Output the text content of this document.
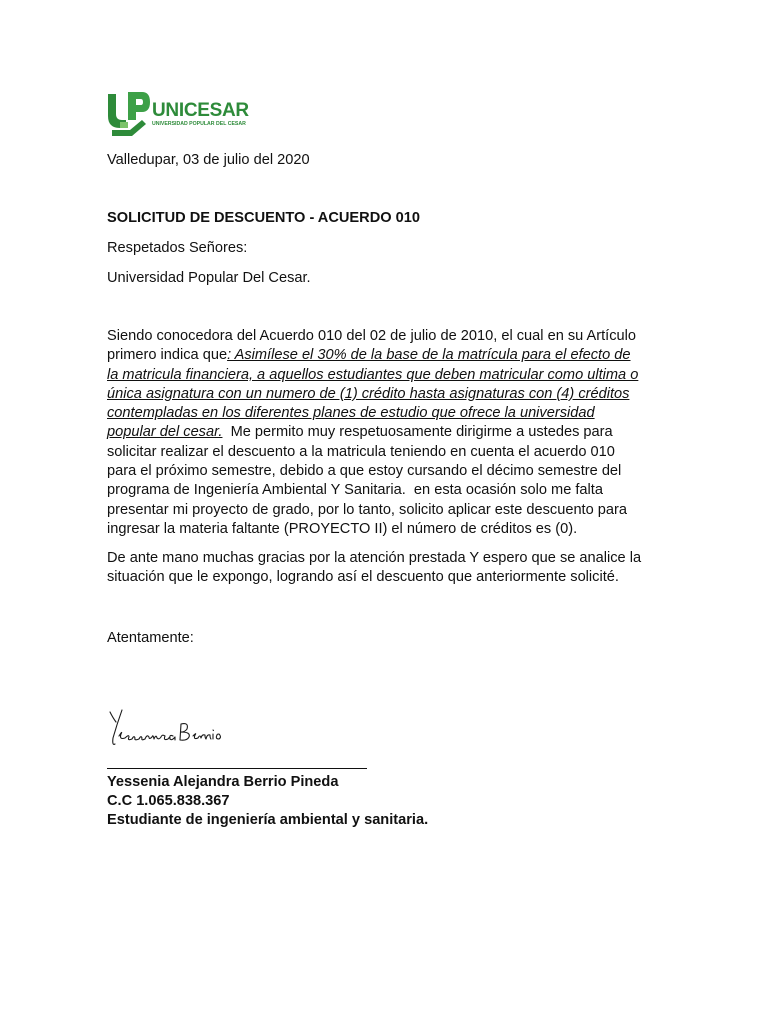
UNICESAR
UNIVERSIDAD POPULAR DEL CESAR
Valledupar, 03 de julio del 2020
SOLICITUD DE DESCUENTO - ACUERDO 010
Respetados Señores:
Universidad Popular Del Cesar.
Siendo conocedora del Acuerdo 010 del 02 de julio de 2010, el cual en su Artículo
primero indica que: Asimílese el 30% de la base de la matrícula para el efecto de
la matricula financiera, a aquellos estudiantes que deben matricular como ultima o
única asignatura con un numero de (1) crédito hasta asignaturas con (4) créditos
contempladas en los diferentes planes de estudio que ofrece la universidad
popular del cesar.  Me permito muy respetuosamente dirigirme a ustedes para
solicitar realizar el descuento a la matricula teniendo en cuenta el acuerdo 010
para el próximo semestre, debido a que estoy cursando el décimo semestre del
programa de Ingeniería Ambiental Y Sanitaria.  en esta ocasión solo me falta
presentar mi proyecto de grado, por lo tanto, solicito aplicar este descuento para
ingresar la materia faltante (PROYECTO II) el número de créditos es (0).
De ante mano muchas gracias por la atención prestada Y espero que se analice la
situación que le expongo, logrando así el descuento que anteriormente solicité.
Atentamente:
Yessenia Alejandra Berrio Pineda
C.C 1.065.838.367
Estudiante de ingeniería ambiental y sanitaria.
